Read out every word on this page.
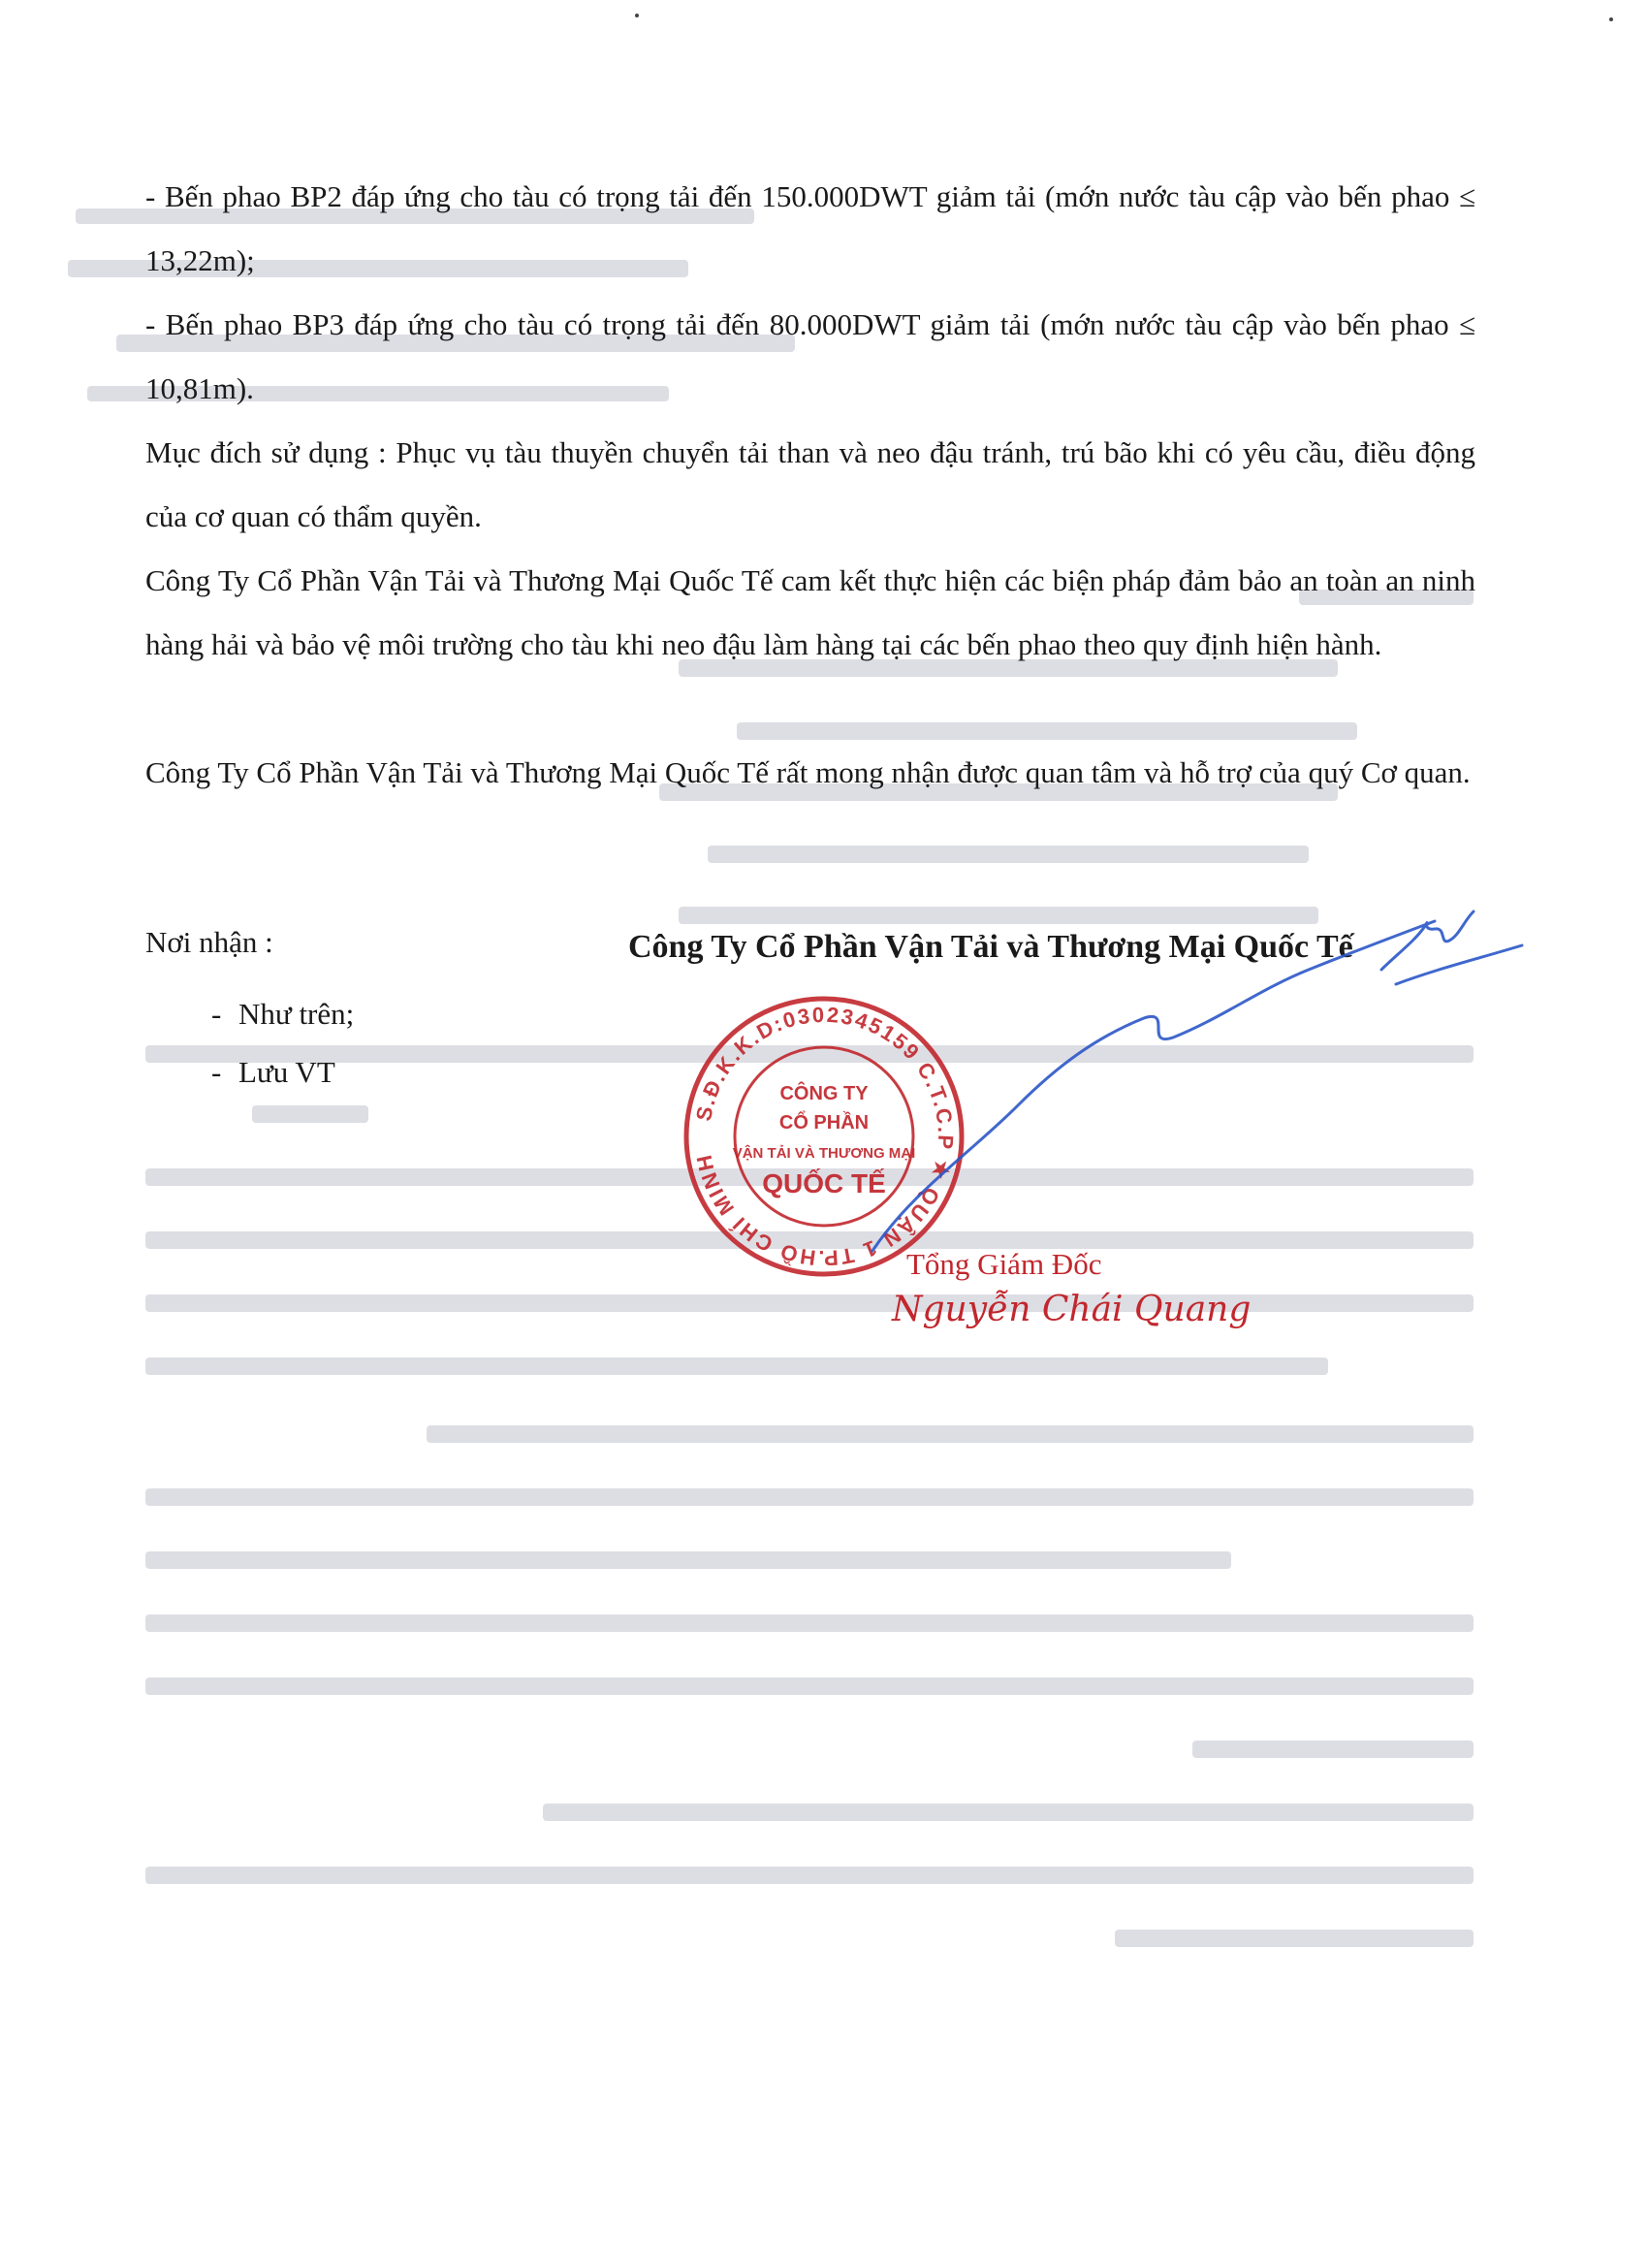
- Bến phao BP2 đáp ứng cho tàu có trọng tải đến 150.000DWT giảm tải (mớn nước tàu cập vào bến phao ≤ 13,22m);

- Bến phao BP3 đáp ứng cho tàu có trọng tải đến 80.000DWT giảm tải (mớn nước tàu cập vào bến phao ≤ 10,81m).

Mục đích sử dụng : Phục vụ tàu thuyền chuyển tải than và neo đậu tránh, trú bão khi có yêu cầu, điều động của cơ quan có thẩm quyền.

Công Ty Cổ Phần Vận Tải và Thương Mại Quốc Tế cam kết thực hiện các biện pháp đảm bảo an toàn an ninh hàng hải và bảo vệ môi trường cho tàu khi neo đậu làm hàng tại các bến phao theo quy định hiện hành.

Công Ty Cổ Phần Vận Tải và Thương Mại Quốc Tế rất mong nhận được quan tâm và hỗ trợ của quý Cơ quan.

Nơi nhận :
- Như trên;
- Lưu VT
Công Ty Cổ Phần Vận Tải và Thương Mại Quốc Tế
S.Đ.K.K.D:0302345159 C.T.C.P ★ QUẬN 1 TP.HỒ CHÍ MINH
CÔNG TY
CỔ PHẦN
VẬN TẢI VÀ THƯƠNG MẠI
QUỐC TẾ
Tổng Giám Đốc
Nguyễn Chái Quang
